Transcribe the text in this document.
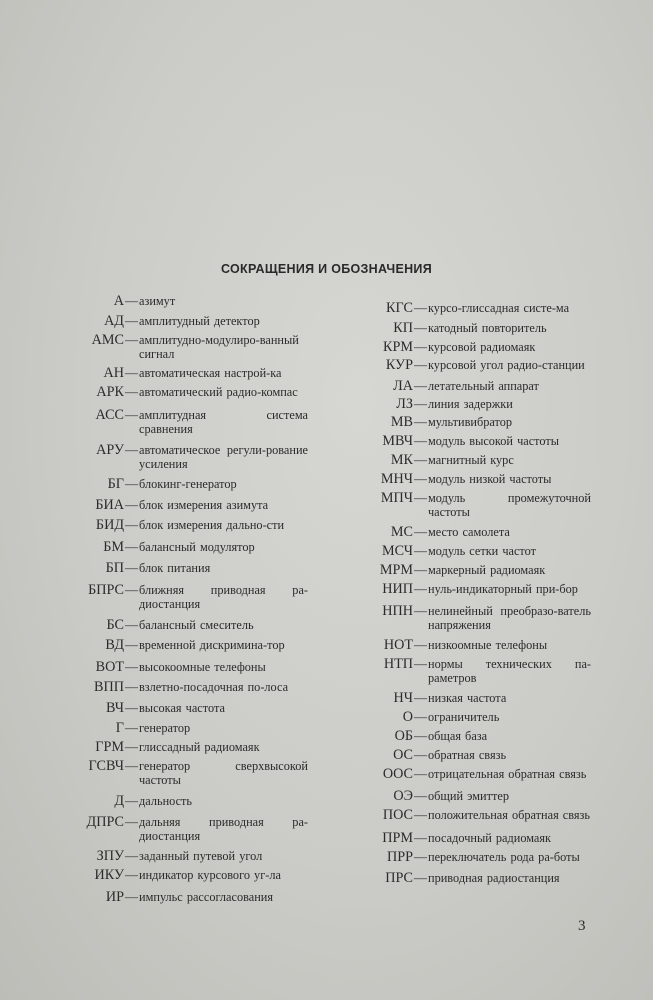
СОКРАЩЕНИЯ И ОБОЗНАЧЕНИЯ
А — азимут
АД — амплитудный детектор
АМС — амплитудно-модулиро-ванный сигнал
АН — автоматическая настрой-ка
АРК — автоматический радио-компас
АСС — амплитудная система сравнения
АРУ — автоматическое регули-рование усиления
БГ — блокинг-генератор
БИА — блок измерения азимута
БИД — блок измерения дально-сти
БМ — балансный модулятор
БП — блок питания
БПРС — ближняя приводная ра-диостанция
БС — балансный смеситель
ВД — временной дискримина-тор
ВОТ — высокоомные телефоны
ВПП — взлетно-посадочная по-лоса
ВЧ — высокая частота
Г — генератор
ГРМ — глиссадный радиомаяк
ГСВЧ — генератор сверхвысокой частоты
Д — дальность
ДПРС — дальняя приводная ра-диостанция
ЗПУ — заданный путевой угол
ИКУ — индикатор курсового уг-ла
ИР — импульс рассогласования
КГС — курсо-глиссадная систе-ма
КП — катодный повторитель
КРМ — курсовой радиомаяк
КУР — курсовой угол радио-станции
ЛА — летательный аппарат
ЛЗ — линия задержки
МВ — мультивибратор
МВЧ — модуль высокой частоты
МК — магнитный курс
МНЧ — модуль низкой частоты
МПЧ — модуль промежуточной частоты
МС — место самолета
МСЧ — модуль сетки частот
МРМ — маркерный радиомаяк
НИП — нуль-индикаторный при-бор
НПН — нелинейный преобразо-ватель напряжения
НОТ — низкоомные телефоны
НТП — нормы технических па-раметров
НЧ — низкая частота
О — ограничитель
ОБ — общая база
ОС — обратная связь
ООС — отрицательная обратная связь
ОЭ — общий эмиттер
ПОС — положительная обратная связь
ПРМ — посадочный радиомаяк
ПРР — переключатель рода ра-боты
ПРС — приводная радиостанция
3
